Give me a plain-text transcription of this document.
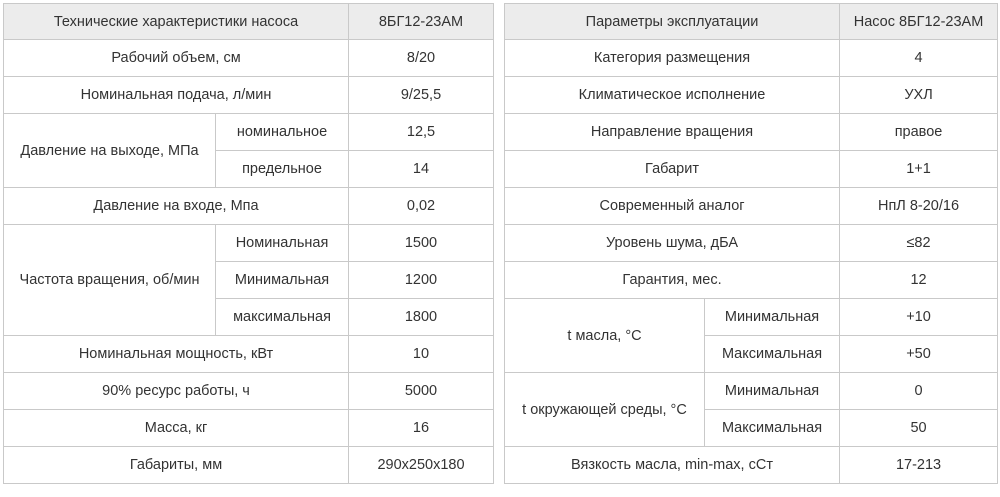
Технические характеристики насоса		8БГ12-23АМ
Рабочий объем, см		8/20
Номинальная подача, л/мин		9/25,5
Давление на выходе, МПа	номинальное	12,5
	предельное	14
Давление на входе, Мпа		0,02
Частота вращения, об/мин	Номинальная	1500
	Минимальная	1200
	максимальная	1800
Номинальная мощность, кВт		10
90% ресурс работы, ч		5000
Масса, кг		16
Габариты, мм		290x250x180
Параметры эксплуатации		Насос 8БГ12-23АМ
Категория размещения		4
Климатическое исполнение		УХЛ
Направление вращения		правое
Габарит		1+1
Современный аналог		НпЛ 8-20/16
Уровень шума, дБА		≤82
Гарантия, мес.		12
t масла, °С	Минимальная	+10
	Максимальная	+50
t окружающей среды, °С	Минимальная	0
	Максимальная	50
Вязкость масла, min-max, сСт		17-213
